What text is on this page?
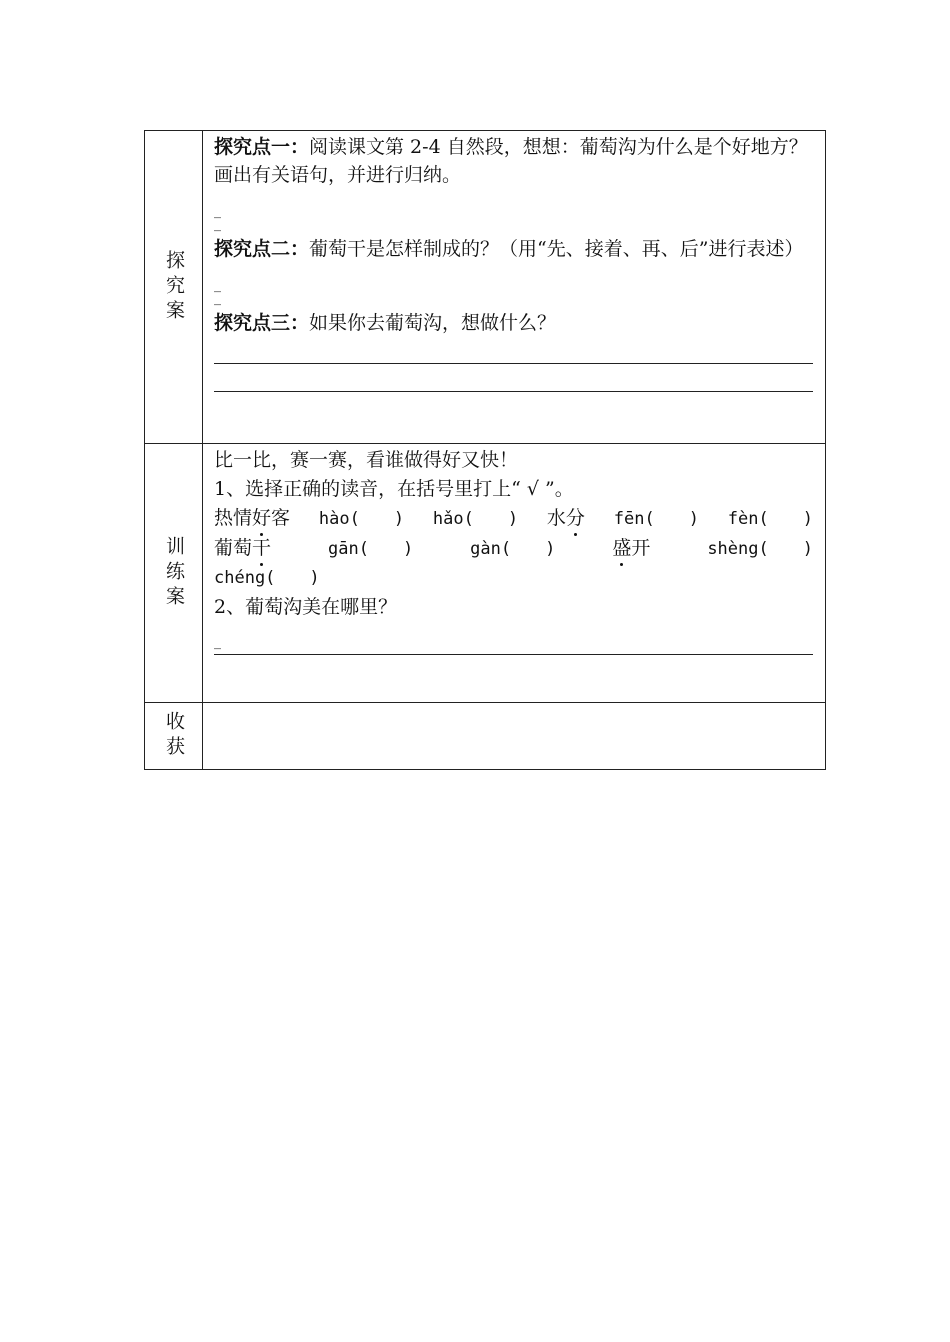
探究案

探究点一：阅读课文第 2-4 自然段，想想：葡萄沟为什么是个好地方？画出有关语句，并进行归纳。

_

_

探究点二：葡萄干是怎样制成的？（用“先、接着、再、后”进行表述）

_

_

探究点三：如果你去葡萄沟，想做什么？

训练案

比一比，赛一赛，看谁做得好又快！

1、选择正确的读音，在括号里打上“ √ ”。

热情好客 hào(　　) hǎo(　　) 水分 fēn(　　) fèn(　　)
葡萄干	gān(　　)	gàn(　　)	盛开	shèng(　　)
chéng(　　)

2、葡萄沟美在哪里？

_

收获
